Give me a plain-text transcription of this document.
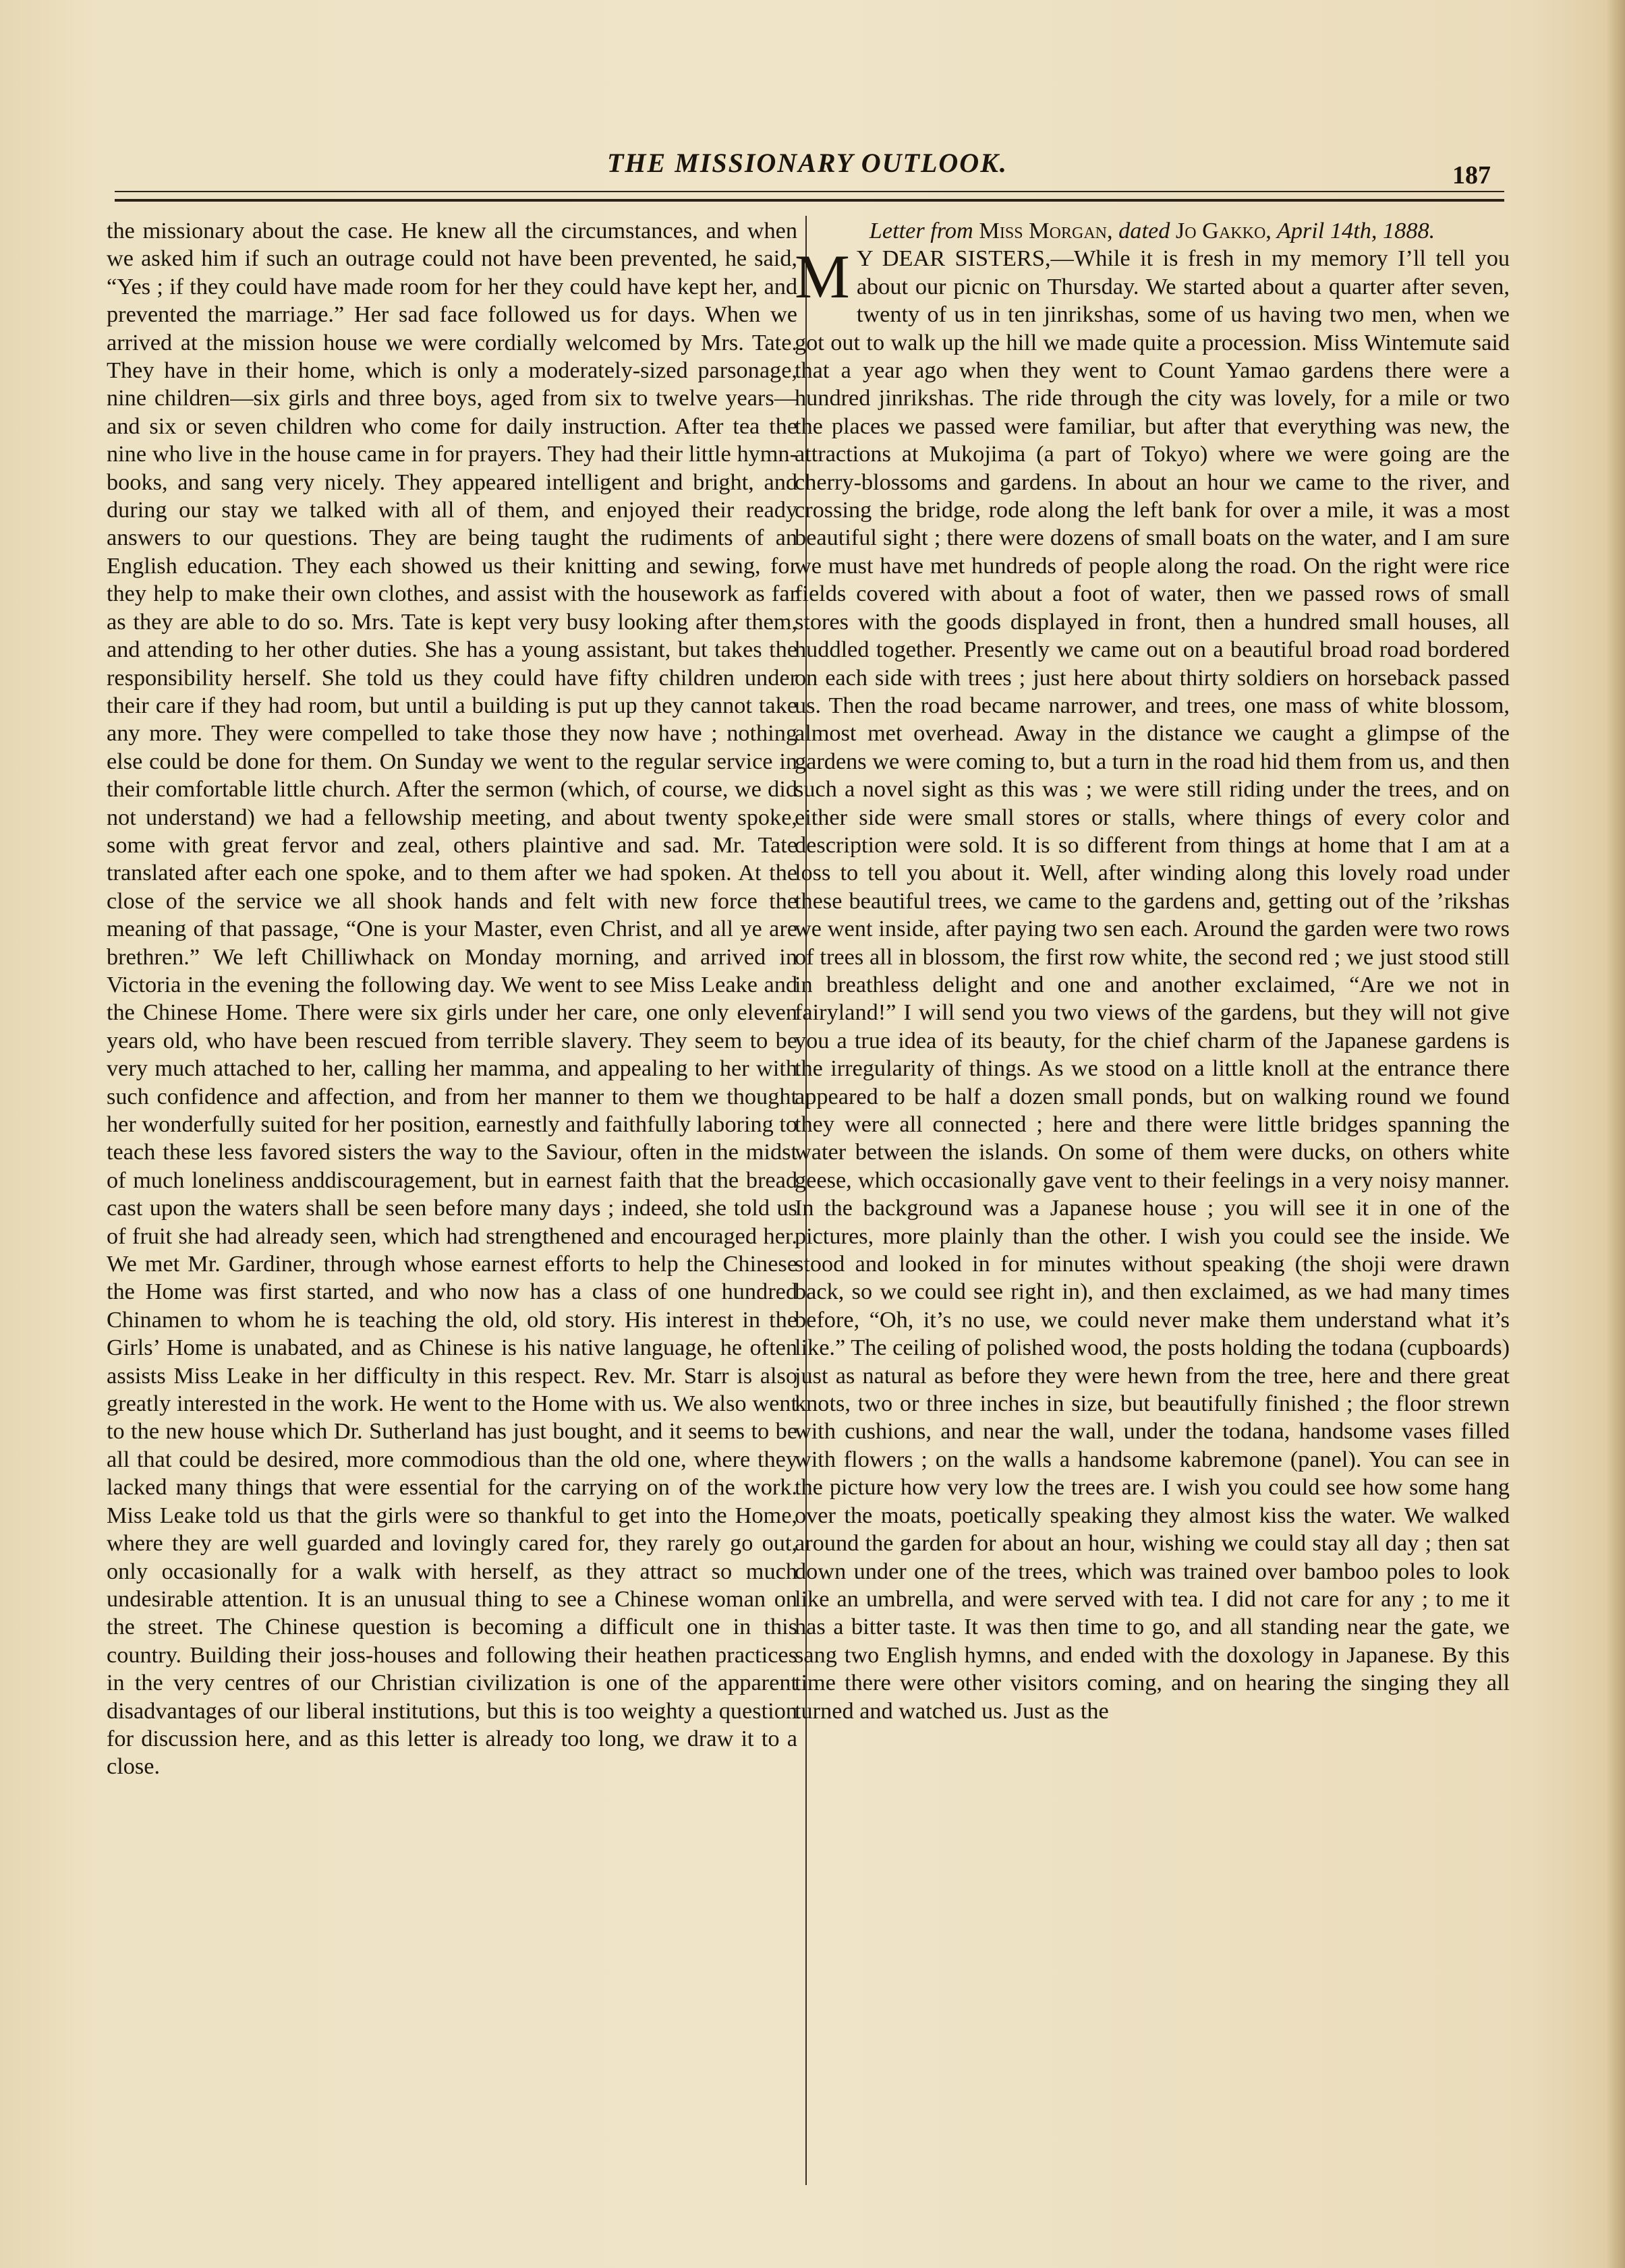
THE MISSIONARY OUTLOOK.	187

the missionary about the case. He knew all the circumstances, and when we asked him if such an outrage could not have been prevented, he said, “Yes ; if they could have made room for her they could have kept her, and prevented the marriage.” Her sad face followed us for days. When we arrived at the mission house we were cordially welcomed by Mrs. Tate. They have in their home, which is only a moderately-sized parsonage, nine children—six girls and three boys, aged from six to twelve years—and six or seven children who come for daily instruction. After tea the nine who live in the house came in for prayers. They had their little hymn-books, and sang very nicely. They appeared intelligent and bright, and during our stay we talked with all of them, and enjoyed their ready answers to our questions. They are being taught the rudiments of an English education. They each showed us their knitting and sewing, for they help to make their own clothes, and assist with the housework as far as they are able to do so. Mrs. Tate is kept very busy looking after them, and attending to her other duties. She has a young assistant, but takes the responsibility herself. She told us they could have fifty children under their care if they had room, but until a building is put up they cannot take any more. They were compelled to take those they now have ; nothing else could be done for them. On Sunday we went to the regular service in their comfortable little church. After the sermon (which, of course, we did not understand) we had a fellowship meeting, and about twenty spoke, some with great fervor and zeal, others plaintive and sad. Mr. Tate translated after each one spoke, and to them after we had spoken. At the close of the service we all shook hands and felt with new force the meaning of that passage, “One is your Master, even Christ, and all ye are brethren.” We left Chilliwhack on Monday morning, and arrived in Victoria in the evening the following day. We went to see Miss Leake and the Chinese Home. There were six girls under her care, one only eleven years old, who have been rescued from terrible slavery. They seem to be very much attached to her, calling her mamma, and appealing to her with such confidence and affection, and from her manner to them we thought her wonderfully suited for her position, earnestly and faithfully laboring to teach these less favored sisters the way to the Saviour, often in the midst of much loneliness anddiscouragement, but in earnest faith that the bread cast upon the waters shall be seen before many days ; indeed, she told us of fruit she had already seen, which had strengthened and encouraged her. We met Mr. Gardiner, through whose earnest efforts to help the Chinese the Home was first started, and who now has a class of one hundred Chinamen to whom he is teaching the old, old story. His interest in the Girls’ Home is unabated, and as Chinese is his native language, he often assists Miss Leake in her difficulty in this respect. Rev. Mr. Starr is also greatly interested in the work. He went to the Home with us. We also went to the new house which Dr. Sutherland has just bought, and it seems to be all that could be desired, more commodious than the old one, where they lacked many things that were essential for the carrying on of the work. Miss Leake told us that the girls were so thankful to get into the Home, where they are well guarded and lovingly cared for, they rarely go out, only occasionally for a walk with herself, as they attract so much undesirable attention. It is an unusual thing to see a Chinese woman on the street. The Chinese question is becoming a difficult one in this country. Building their joss-houses and following their heathen practices in the very centres of our Christian civilization is one of the apparent disadvantages of our liberal institutions, but this is too weighty a question for discussion here, and as this letter is already too long, we draw it to a close.

Letter from Miss Morgan, dated Jo Gakko, April 14th, 1888.

M Y DEAR SISTERS,—While it is fresh in my memory I’ll tell you about our picnic on Thursday. We started about a quarter after seven, twenty of us in ten jinrikshas, some of us having two men, when we got out to walk up the hill we made quite a procession. Miss Wintemute said that a year ago when they went to Count Yamao gardens there were a hundred jinrikshas. The ride through the city was lovely, for a mile or two the places we passed were familiar, but after that everything was new, the attractions at Mukojima (a part of Tokyo) where we were going are the cherry-blossoms and gardens. In about an hour we came to the river, and crossing the bridge, rode along the left bank for over a mile, it was a most beautiful sight ; there were dozens of small boats on the water, and I am sure we must have met hundreds of people along the road. On the right were rice fields covered with about a foot of water, then we passed rows of small stores with the goods displayed in front, then a hundred small houses, all huddled together. Presently we came out on a beautiful broad road bordered on each side with trees ; just here about thirty soldiers on horseback passed us. Then the road became narrower, and trees, one mass of white blossom, almost met overhead. Away in the distance we caught a glimpse of the gardens we were coming to, but a turn in the road hid them from us, and then such a novel sight as this was ; we were still riding under the trees, and on either side were small stores or stalls, where things of every color and description were sold. It is so different from things at home that I am at a loss to tell you about it. Well, after winding along this lovely road under these beautiful trees, we came to the gardens and, getting out of the ’rikshas we went inside, after paying two sen each. Around the garden were two rows of trees all in blossom, the first row white, the second red ; we just stood still in breathless delight and one and another exclaimed, “Are we not in fairyland!” I will send you two views of the gardens, but they will not give you a true idea of its beauty, for the chief charm of the Japanese gardens is the irregularity of things. As we stood on a little knoll at the entrance there appeared to be half a dozen small ponds, but on walking round we found they were all connected ; here and there were little bridges spanning the water between the islands. On some of them were ducks, on others white geese, which occasionally gave vent to their feelings in a very noisy manner. In the background was a Japanese house ; you will see it in one of the pictures, more plainly than the other. I wish you could see the inside. We stood and looked in for minutes without speaking (the shoji were drawn back, so we could see right in), and then exclaimed, as we had many times before, “Oh, it’s no use, we could never make them understand what it’s like.” The ceiling of polished wood, the posts holding the todana (cupboards) just as natural as before they were hewn from the tree, here and there great knots, two or three inches in size, but beautifully finished ; the floor strewn with cushions, and near the wall, under the todana, handsome vases filled with flowers ; on the walls a handsome kabremone (panel). You can see in the picture how very low the trees are. I wish you could see how some hang over the moats, poetically speaking they almost kiss the water. We walked around the garden for about an hour, wishing we could stay all day ; then sat down under one of the trees, which was trained over bamboo poles to look like an umbrella, and were served with tea. I did not care for any ; to me it has a bitter taste. It was then time to go, and all standing near the gate, we sang two English hymns, and ended with the doxology in Japanese. By this time there were other visitors coming, and on hearing the singing they all turned and watched us. Just as the
